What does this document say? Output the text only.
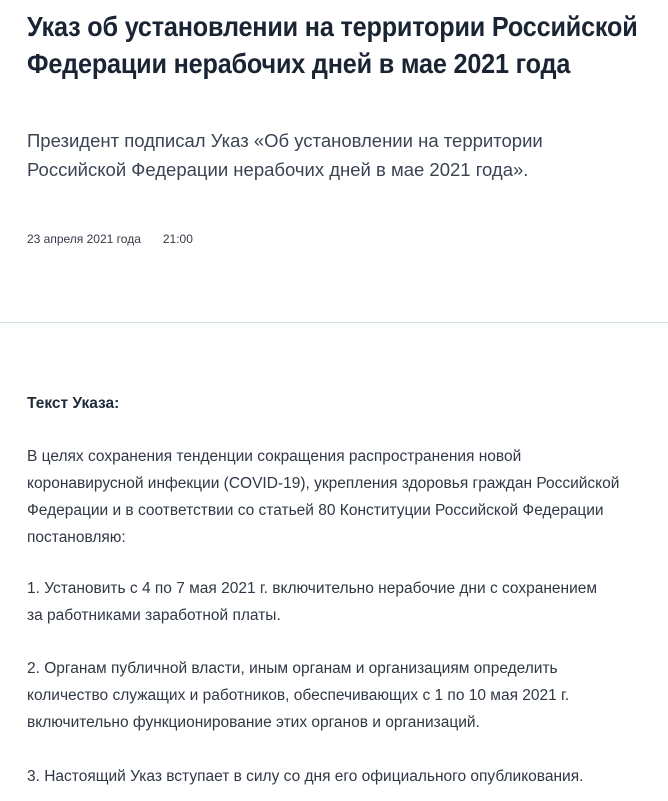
Указ об установлении на территории Российской
Федерации нерабочих дней в мае 2021 года

Президент подписал Указ «Об установлении на территории
Российской Федерации нерабочих дней в мае 2021 года».

23 апреля 2021 года 21:00

Текст Указа:

В целях сохранения тенденции сокращения распространения новой
коронавирусной инфекции (COVID-19), укрепления здоровья граждан Российской
Федерации и в соответствии со статьей 80 Конституции Российской Федерации
постановляю:

1. Установить с 4 по 7 мая 2021 г. включительно нерабочие дни с сохранением
за работниками заработной платы.

2. Органам публичной власти, иным органам и организациям определить
количество служащих и работников, обеспечивающих с 1 по 10 мая 2021 г.
включительно функционирование этих органов и организаций.

3. Настоящий Указ вступает в силу со дня его официального опубликования.
